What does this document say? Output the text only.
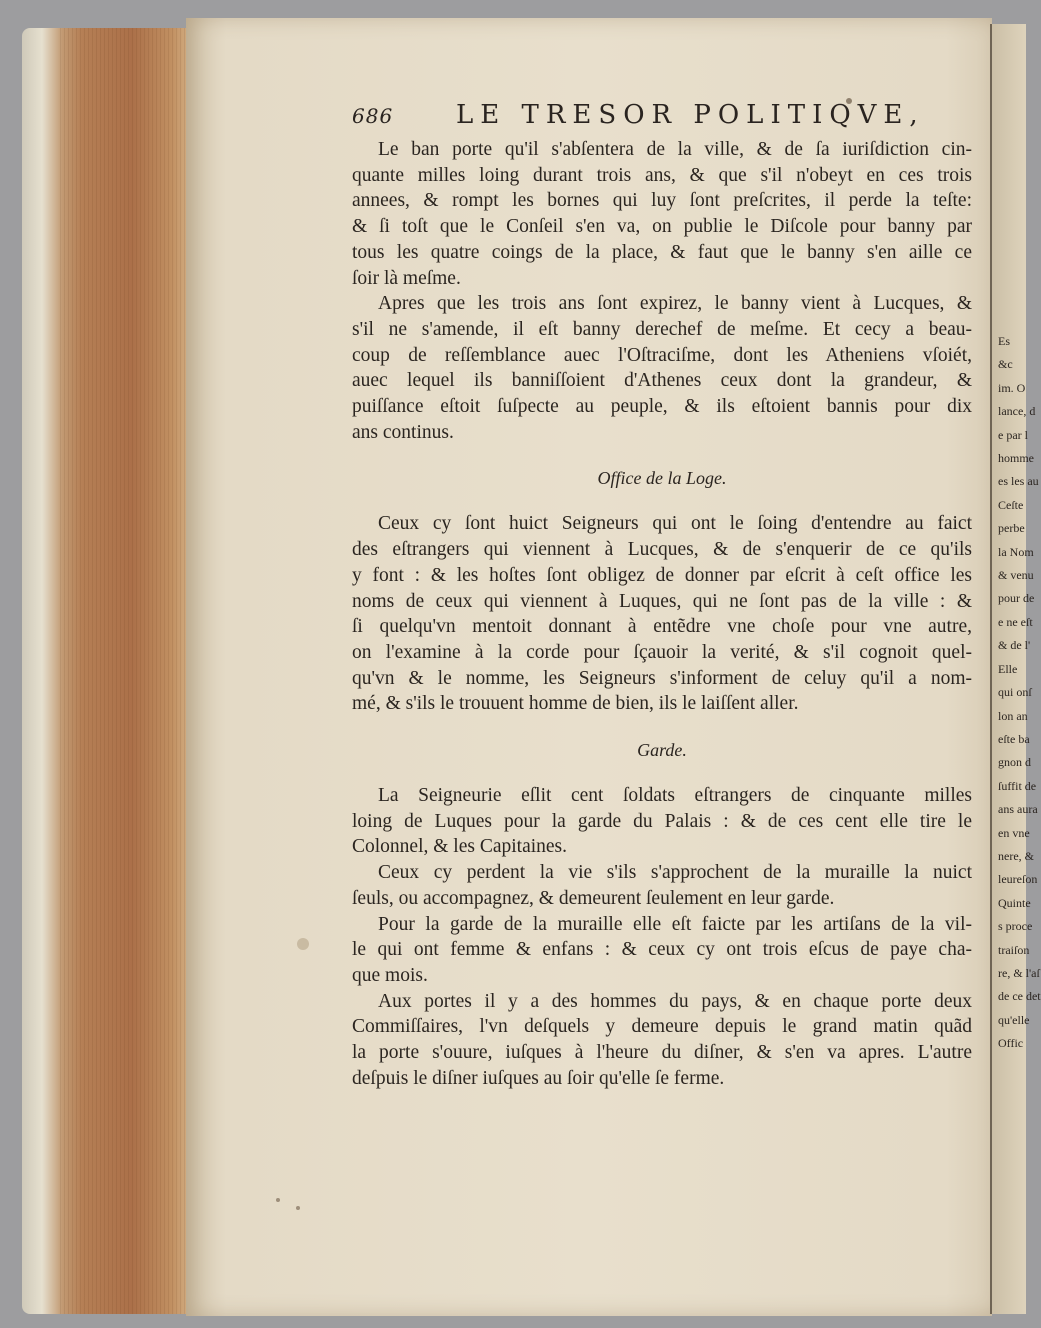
Es
&c
im. O
lance, d
e par l
homme
es les au
Ceſte
perbe
la Nom
& venu
pour de
e ne eſt
& de l'
Elle
qui onſ
lon an
eſte ba
gnon d
ſuffit de
ans aura
en vne
nere, &
leureſon
Quinte
s proce
traiſon
re, & l'aſ
de ce det
qu'elle
Offic
686 LE TRESOR POLITIQVE,
Le ban porte qu'il s'abſentera de la ville, & de ſa iuriſdiction cin-
quante milles loing durant trois ans, & que s'il n'obeyt en ces trois
annees, & rompt les bornes qui luy ſont preſcrites, il perde la teſte:
& ſi toſt que le Conſeil s'en va, on publie le Diſcole pour banny par
tous les quatre coings de la place, & faut que le banny s'en aille ce
ſoir là meſme.
Apres que les trois ans ſont expirez, le banny vient à Lucques, &
s'il ne s'amende, il eſt banny derechef de meſme. Et cecy a beau-
coup de reſſemblance auec l'Oſtraciſme, dont les Atheniens vſoiét,
auec lequel ils banniſſoient d'Athenes ceux dont la grandeur, &
puiſſance eſtoit ſuſpecte au peuple, & ils eſtoient bannis pour dix
ans continus.
Office de la Loge.
Ceux cy ſont huict Seigneurs qui ont le ſoing d'entendre au faict
des eſtrangers qui viennent à Lucques, & de s'enquerir de ce qu'ils
y font : & les hoſtes ſont obligez de donner par eſcrit à ceſt office les
noms de ceux qui viennent à Luques, qui ne ſont pas de la ville : &
ſi quelqu'vn mentoit donnant à entẽdre vne choſe pour vne autre,
on l'examine à la corde pour ſçauoir la verité, & s'il cognoit quel-
qu'vn & le nomme, les Seigneurs s'informent de celuy qu'il a nom-
mé, & s'ils le trouuent homme de bien, ils le laiſſent aller.
Garde.
La Seigneurie eſlit cent ſoldats eſtrangers de cinquante milles
loing de Luques pour la garde du Palais : & de ces cent elle tire le
Colonnel, & les Capitaines.
Ceux cy perdent la vie s'ils s'approchent de la muraille la nuict
ſeuls, ou accompagnez, & demeurent ſeulement en leur garde.
Pour la garde de la muraille elle eſt faicte par les artiſans de la vil-
le qui ont femme & enfans : & ceux cy ont trois eſcus de paye cha-
que mois.
Aux portes il y a des hommes du pays, & en chaque porte deux
Commiſſaires, l'vn deſquels y demeure depuis le grand matin quãd
la porte s'ouure, iuſques à l'heure du diſner, & s'en va apres. L'autre
deſpuis le diſner iuſques au ſoir qu'elle ſe ferme.
